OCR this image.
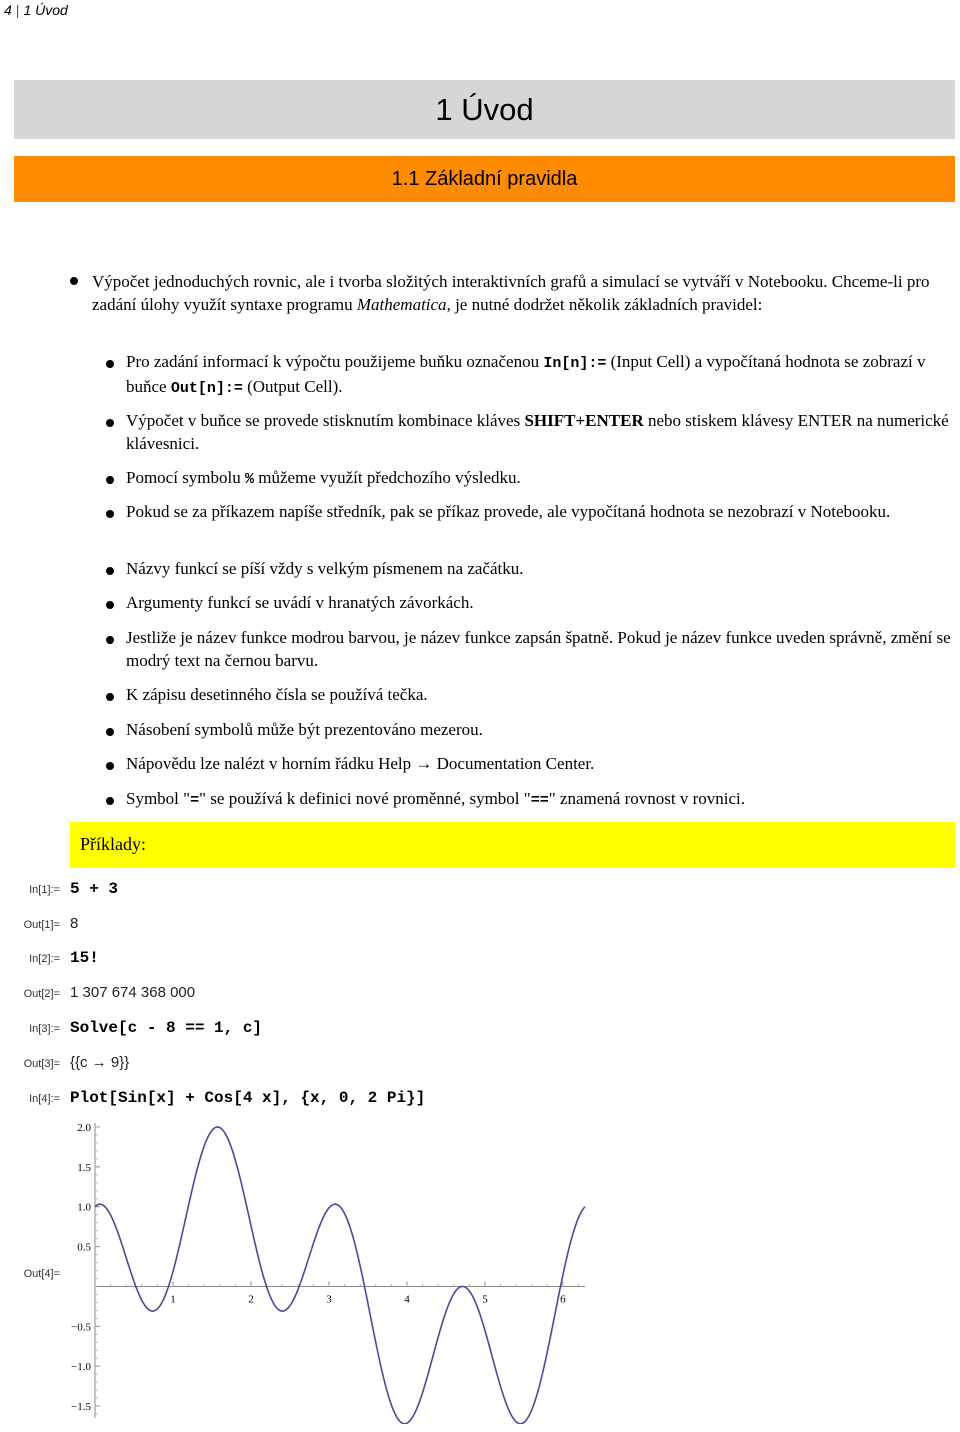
4 | 1 Úvod
1 Úvod
1.1 Základní pravidla
Výpočet jednoduchých rovnic, ale i tvorba složitých interaktivních grafů a simulací se vytváří v Notebooku. Chceme-li pro zadání úlohy využít syntaxe programu Mathematica, je nutné dodržet několik základních pravidel:
Pro zadání informací k výpočtu použijeme buňku označenou In[n]:= (Input Cell) a vypočítaná hodnota se zobrazí v buňce Out[n]:= (Output Cell).
Výpočet v buňce se provede stisknutím kombinace kláves SHIFT+ENTER nebo stiskem klávesy ENTER na numerické klávesnici.
Pomocí symbolu % můžeme využít předchozího výsledku.
Pokud se za příkazem napíše středník, pak se příkaz provede, ale vypočítaná hodnota se nezobrazí v Notebooku.
Názvy funkcí se píší vždy s velkým písmenem na začátku.
Argumenty funkcí se uvádí v hranatých závorkách.
Jestliže je název funkce modrou barvou, je název funkce zapsán špatně. Pokud je název funkce uveden správně, změní se modrý text na černou barvu.
K zápisu desetinného čísla se používá tečka.
Násobení symbolů může být prezentováno mezerou.
Nápovědu lze nalézt v horním řádku Help → Documentation Center.
Symbol "=" se používá k definici nové proměnné, symbol "==" znamená rovnost v rovnici.
Příklady:
In[1]:= 5 + 3
Out[1]= 8
In[2]:= 15!
Out[2]= 1 307 674 368 000
In[3]:= Solve[c - 8 == 1, c]
Out[3]= {{c → 9}}
In[4]:= Plot[Sin[x] + Cos[4 x], {x, 0, 2 Pi}]
Out[4]=
2.0
1.5
1.0
0.5
−0.5
−1.0
−1.5
1	2	3	4	5	6
